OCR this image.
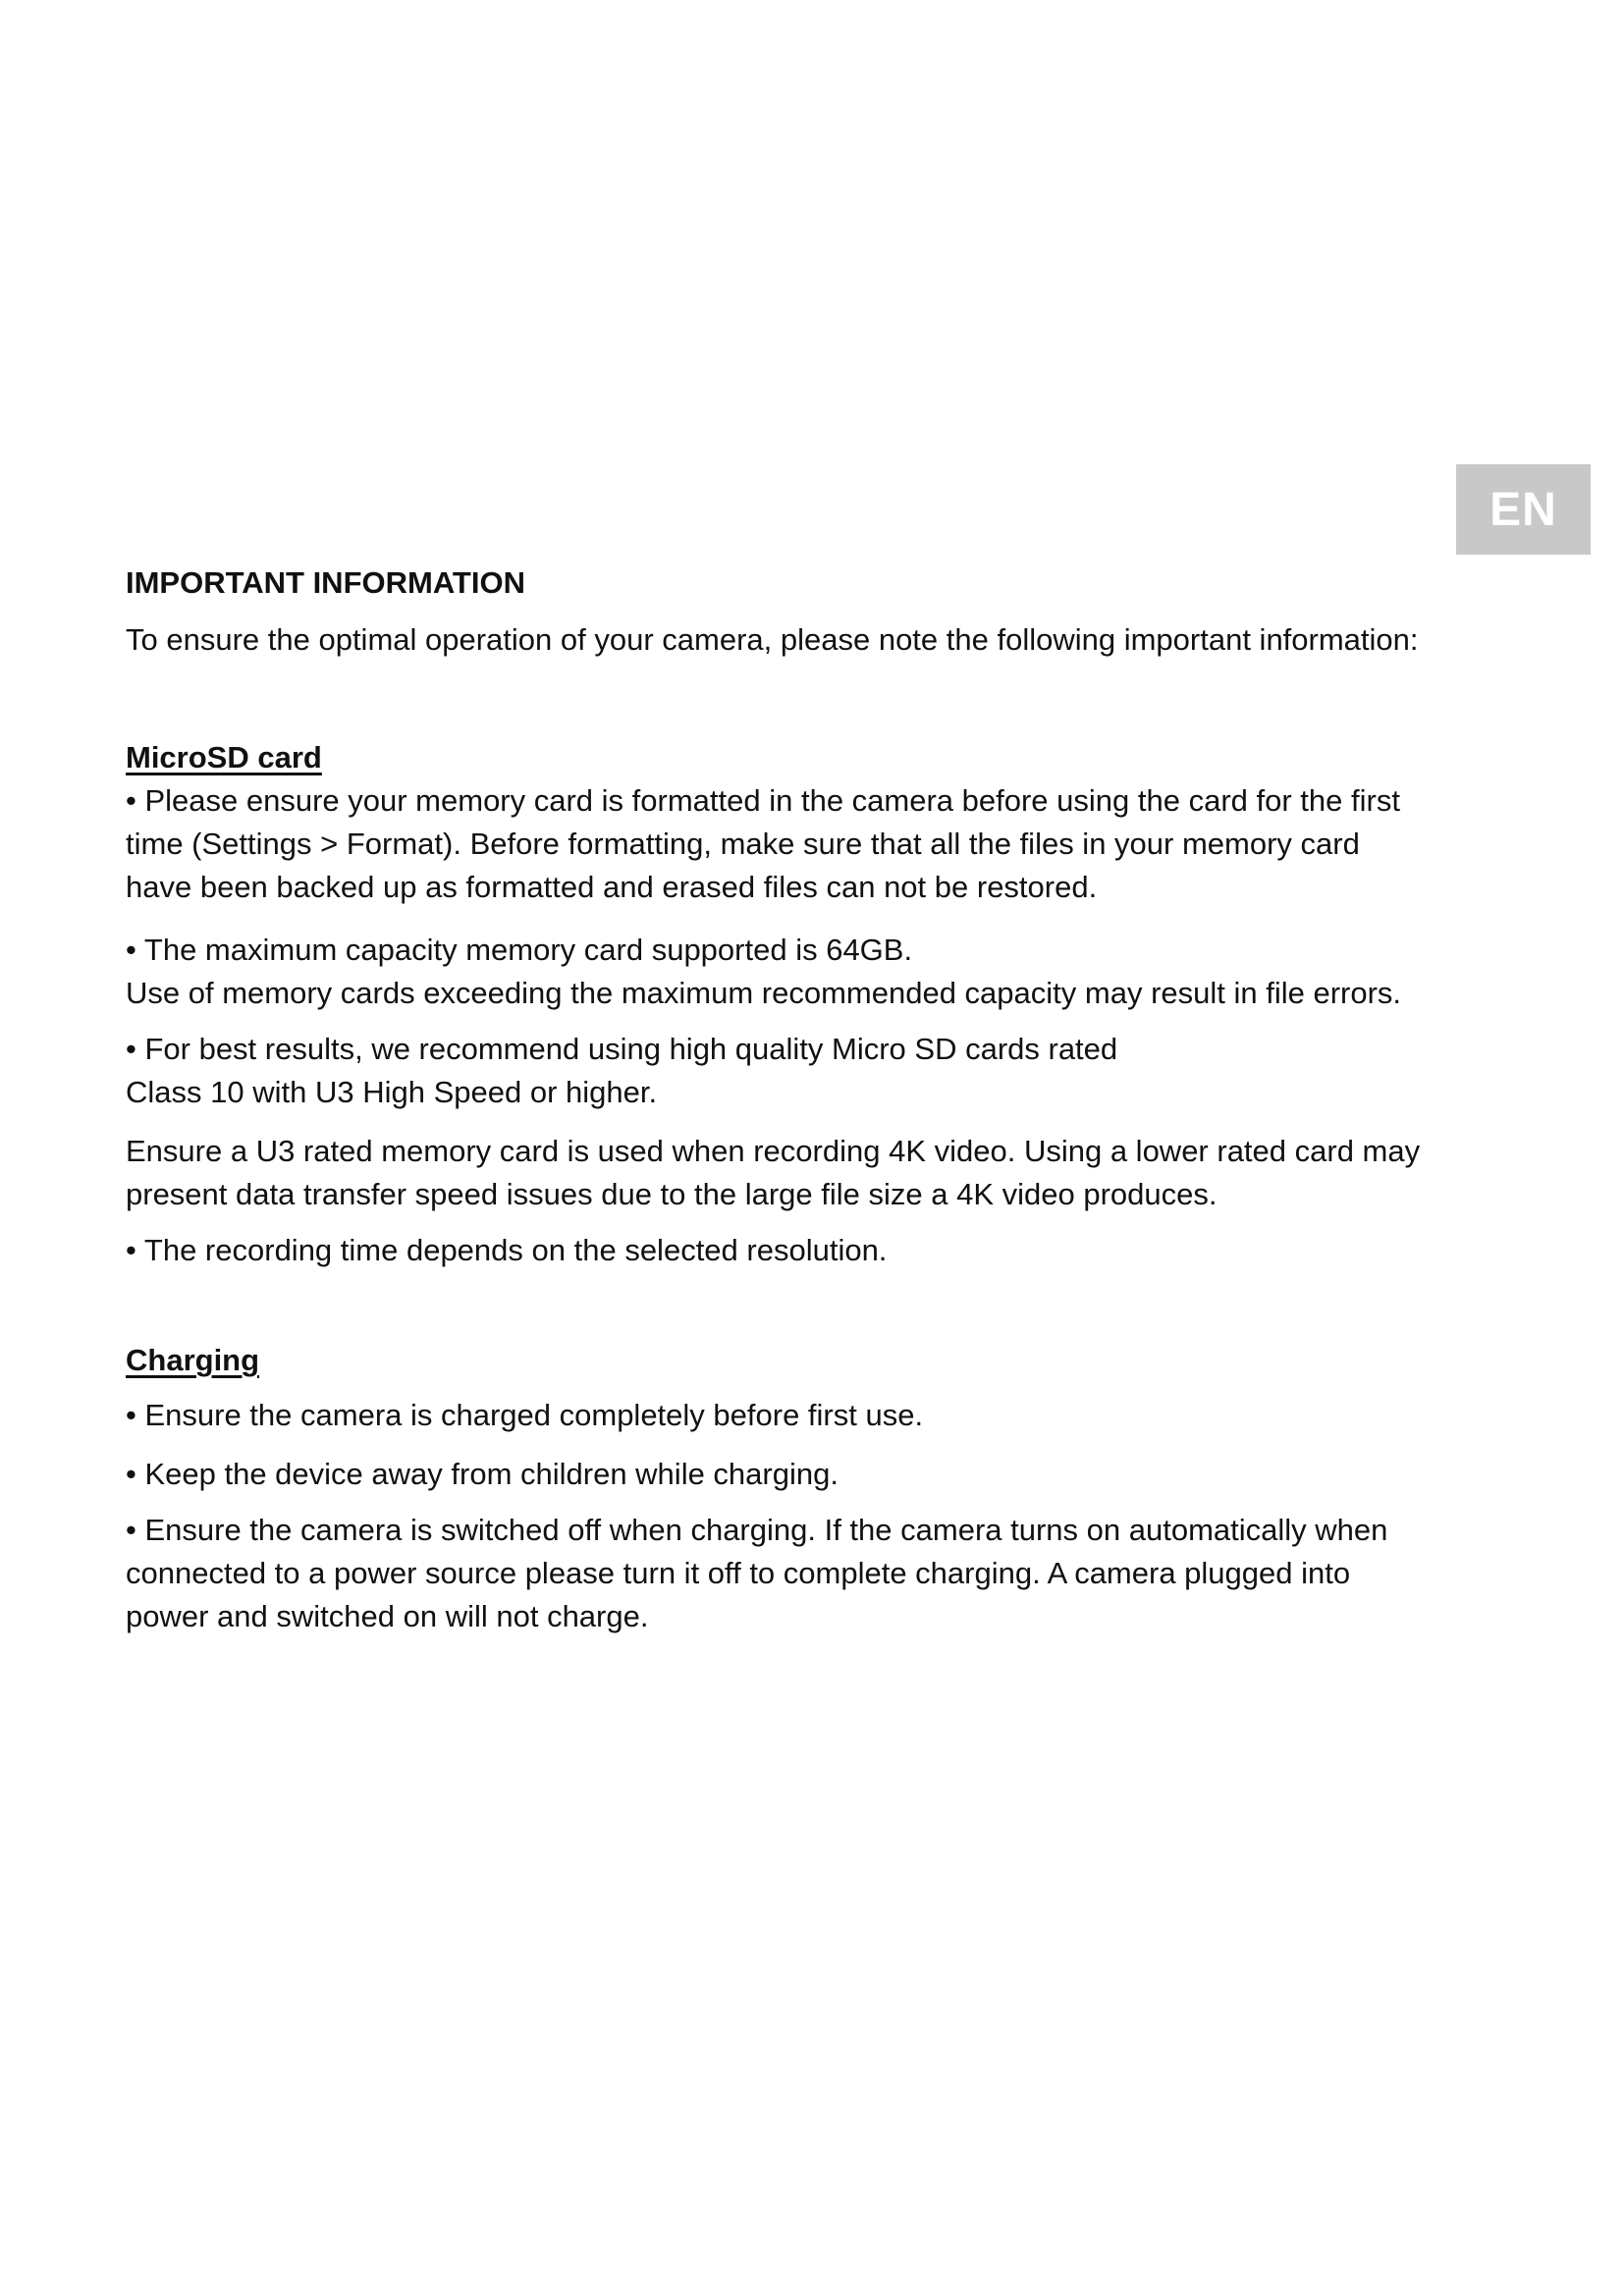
EN

IMPORTANT INFORMATION

To ensure the optimal operation of your camera, please note the following important information:

MicroSD card

• Please ensure your memory card is formatted in the camera before using the card for the first time (Settings > Format). Before formatting, make sure that all the files in your memory card have been backed up as formatted and erased files can not be restored.

• The maximum capacity memory card supported is 64GB.

Use of memory cards exceeding the maximum recommended capacity may result in file errors.

• For best results, we recommend using high quality Micro SD cards rated

Class 10 with U3 High Speed or higher.

Ensure a U3 rated memory card is used when recording 4K video. Using a lower rated card may present data transfer speed issues due to the large file size a 4K video produces.

• The recording time depends on the selected resolution.

Charging

• Ensure the camera is charged completely before first use.

• Keep the device away from children while charging.

• Ensure the camera is switched off when charging. If the camera turns on automatically when connected to a power source please turn it off to complete charging. A camera plugged into power and switched on will not charge.
